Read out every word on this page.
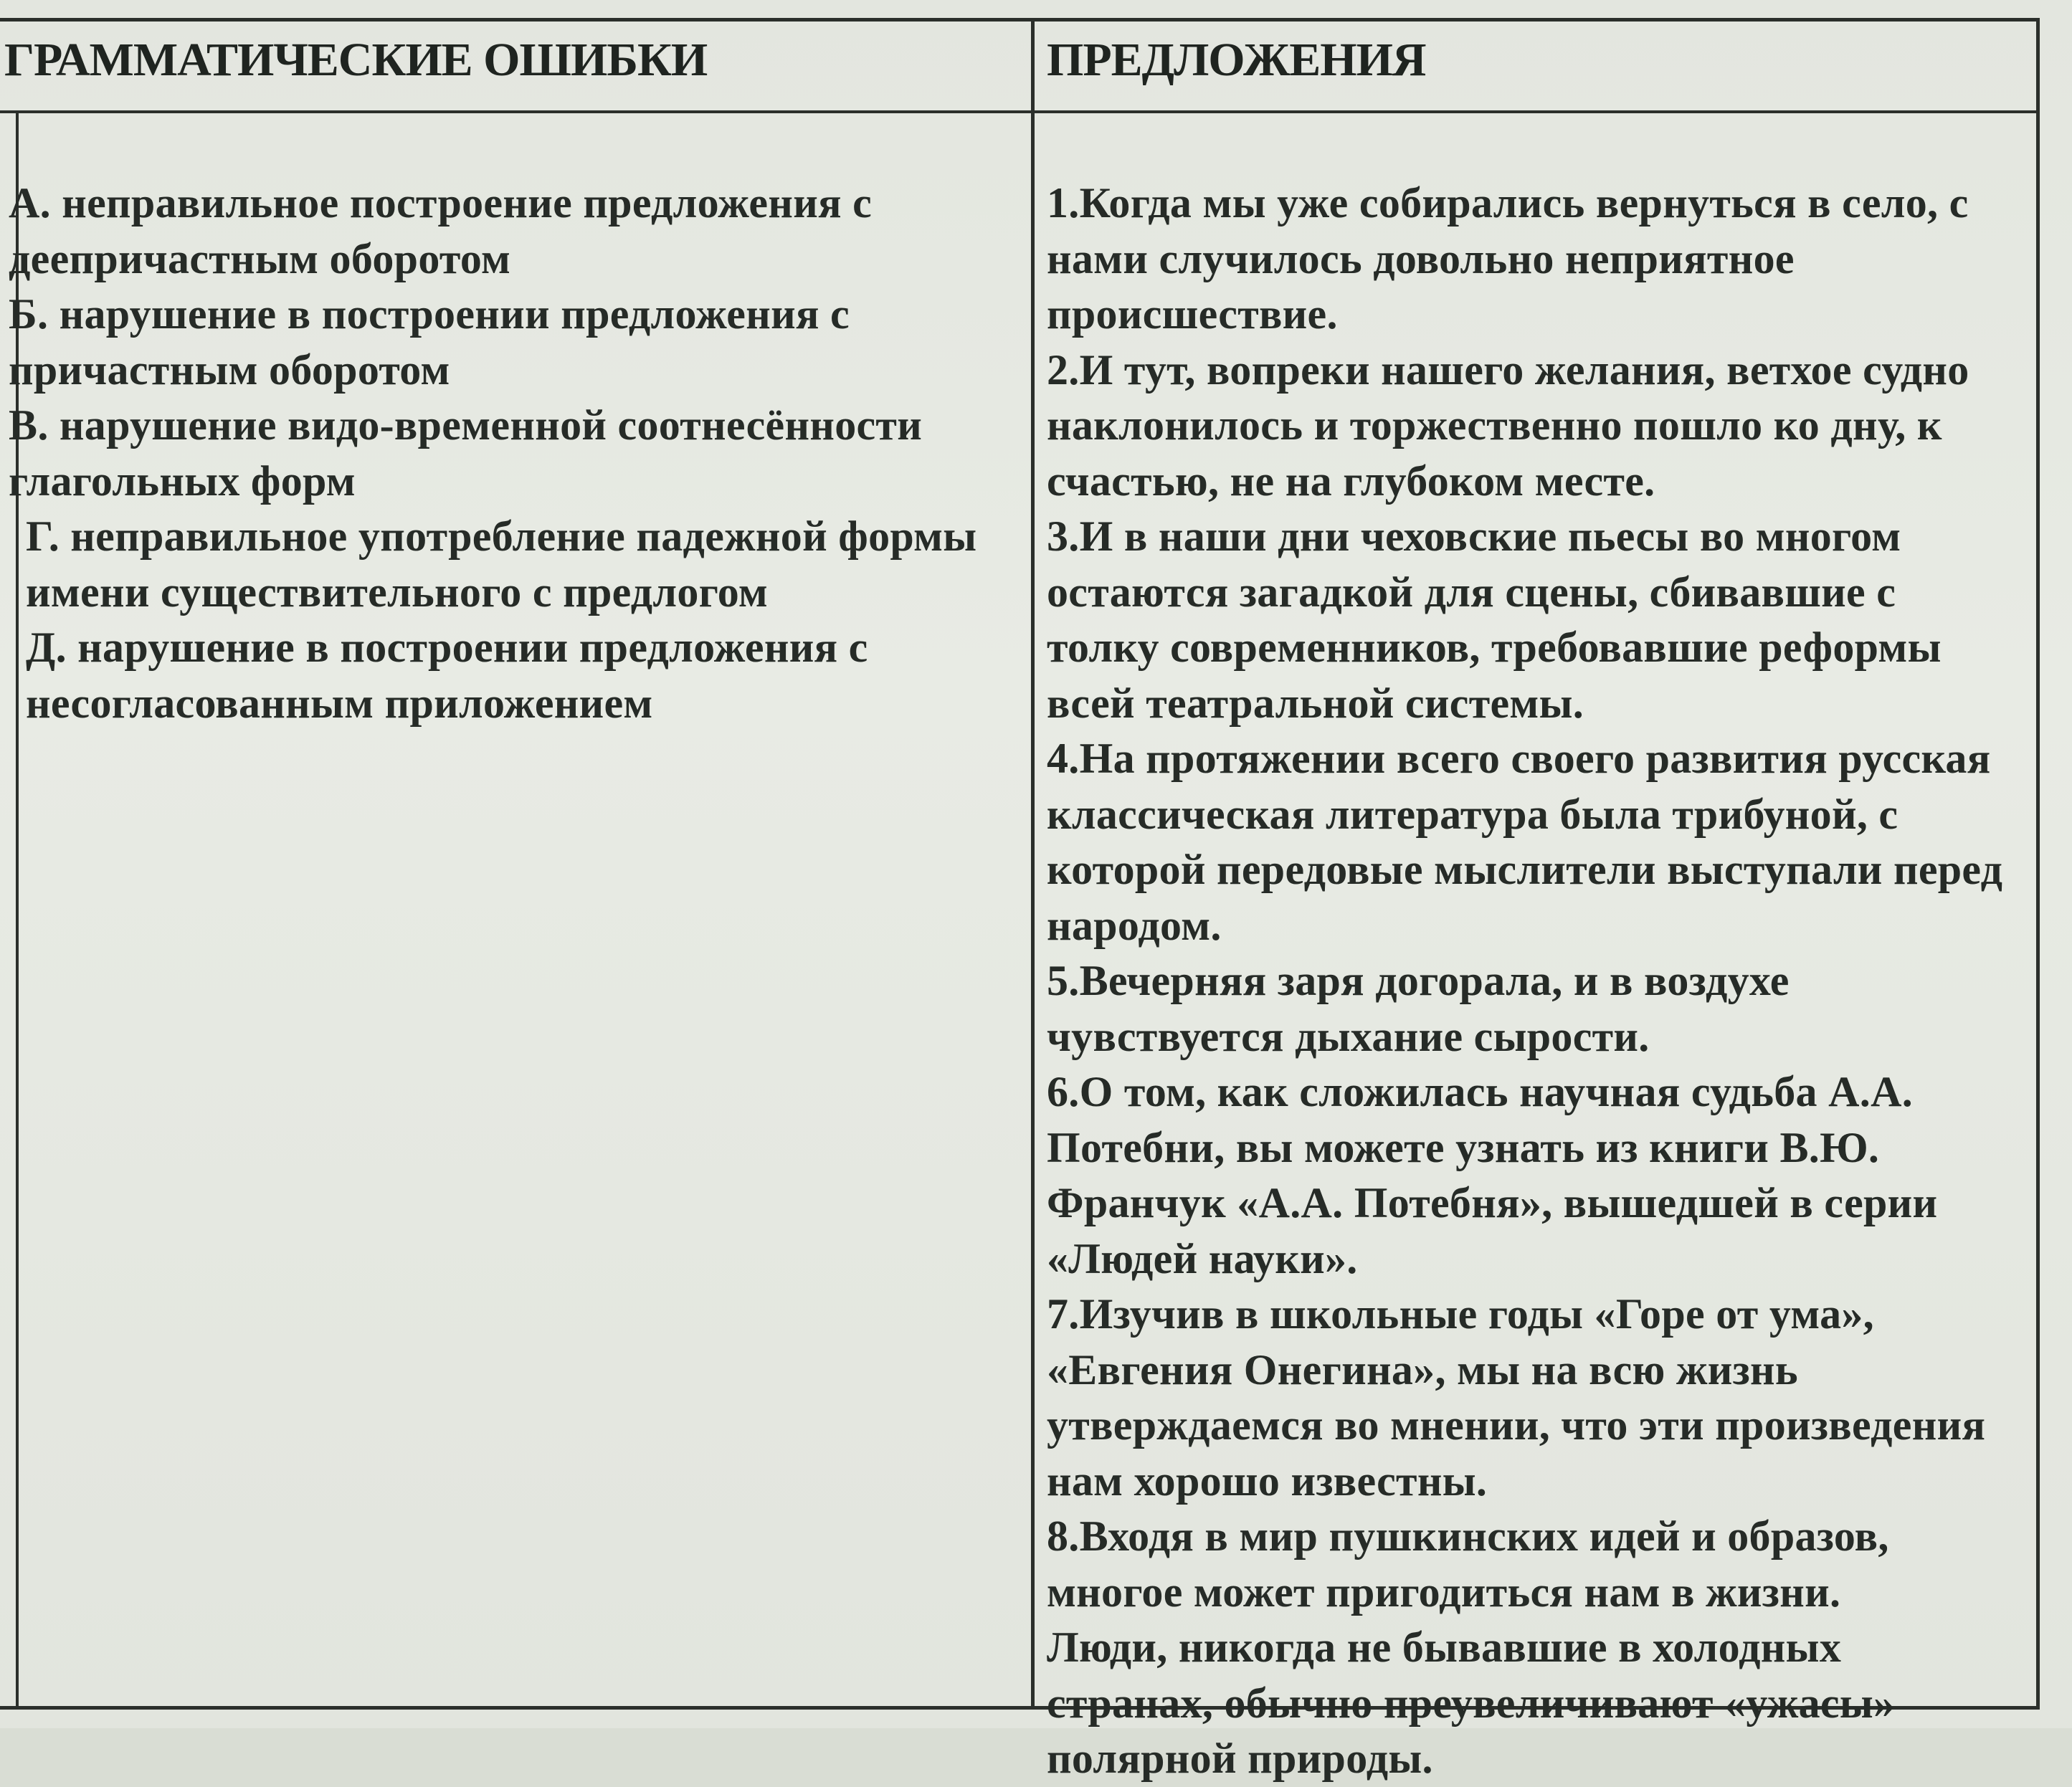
ГРАММАТИЧЕСКИЕ ОШИБКИ	ПРЕДЛОЖЕНИЯ
А. неправильное построение предложения с
деепричастным оборотом
Б. нарушение в построении предложения с
причастным оборотом
В. нарушение видо-временной соотнесённости
глагольных форм
Г. неправильное употребление падежной формы
имени существительного с предлогом
Д. нарушение в построении предложения с
несогласованным приложением
1.Когда мы уже собирались вернуться в село, с
нами случилось довольно неприятное
происшествие.
2.И тут, вопреки нашего желания, ветхое судно
наклонилось и торжественно пошло ко дну, к
счастью, не на глубоком месте.
3.И в наши дни чеховские пьесы во многом
остаются загадкой для сцены, сбивавшие с
толку современников, требовавшие реформы
всей театральной системы.
4.На протяжении всего своего развития русская
классическая литература была трибуной, с
которой передовые мыслители выступали перед
народом.
5.Вечерняя заря догорала, и в воздухе
чувствуется дыхание сырости.
6.О том, как сложилась научная судьба А.А.
Потебни, вы можете узнать из книги В.Ю.
Франчук «А.А. Потебня», вышедшей в серии
«Людей науки».
7.Изучив в школьные годы «Горе от ума»,
«Евгения Онегина», мы на всю жизнь
утверждаемся во мнении, что эти произведения
нам хорошо известны.
8.Входя в мир пушкинских идей и образов,
многое может пригодиться нам в жизни.
Люди, никогда не бывавшие в холодных
странах, обычно преувеличивают «ужасы»
полярной природы.
